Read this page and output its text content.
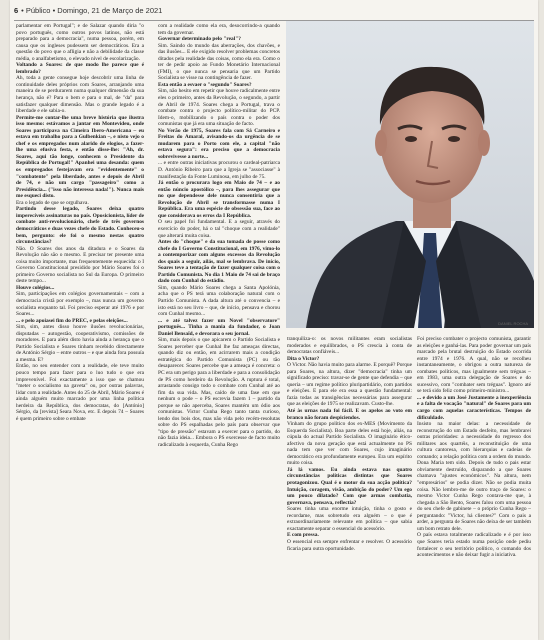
6 • Público • Domingo, 21 de Março de 2021

parlamentar em Portugal"; e de Salazar quando diria "o povo português, como outros povos latinos, não está preparado para a democracia", numa pessoa, porém, em causa que os ingleses pudessem ser democráticos. Era a questão do povo que o afligia e não a debilidade da classe média, o analfabetismo, o elevado nível de escolarização.

Voltando a Soares: de que modo lhe parece que é lembrado?

Ah, toda a gente consegue hoje descobrir uma linha de continuidade deles próprios com Soares, arranjando uma maneira de se perdurarem numa qualquer dimensão da sua herança, não é? Para o bem e para o mal, de "da" para satisfazer qualquer dimensão. Mas o grande legado é a liberdade e ele sabia-o.

Permite-me contar-lhe uma breve história que ilustra isso mesmo: estávamos a jantar em Montevideu, onde Soares participava na Cimeira Ibero-Americana – eu estava em trabalho para a Gulbenkian –, e nisto vejo o chef e os empregados num alarido de elogios, a fazer-lhe uma efusiva festa, e então disse-lhe: "Ah, dr. Soares, aqui tão longe, conhecem o Presidente da República de Portugal!" Apanhei uma desanda: quem os empregados festejavam era "evidentemente" o "combatente" pela liberdade, antes e depois de Abril de 74, e não um cargo "passageiro" como a Presidência... ("isso não interessa nada!"). Nunca mais me esqueci disto.

Era o legado de que se orgulhava.

Partindo desse legado, Soares deixa quatro imperecíveis assinaturas no país. Oposicionista, líder de combate anti-revolucionário, chefe de três governos democráticos e duas vezes chefe do Estado. Conheceu-o bem, pergunto: ele foi o mesmo nestas quatro circunstâncias?

Não. O Soares dos anos da ditadura e o Soares da Revolução não são o mesmo. E precisar ter presente uma coisa muito importante, mas frequentemente esquecida: o I Governo Constitucional presidido por Mário Soares foi o primeiro Governo socialista no Sul da Europa. O primeiro deste tempo...

Houve colégios...

Sim, participações em colégios governamentais – com a democracia cristã por exemplo –, mas nunca um governo socialista enquanto tal. Foi preciso esperar até 1976 e por Soares...

... e pelo apoiasei fim do PREC, e pelas eleições...

Sim, sim, antes disso houve ilusões revolucionárias, disputadas – autogestão, cooperativismo, comissões de moradores. E para além disto havia ainda a herança que o Partido Socialista e Soares tinham recebido directamente de António Sérgio – entre outros – e que ainda fora possuía a mesma. E?

Então, no seu entender com a realidade, ele teve muito pouco tempo para fazer para o luo tudo o que era imprevenível. Foi exactamente a isso que se chamou "meter o socialismo na gaveta" ou, por outras palavras, lidar com a realidade. Antes do 25 de Abril, Mário Soares é ainda alguém muito marcado por uma linha política herdeira da República, dos democratas, do [António] Sérgio, da [revista] Seara Nova, etc. E depois 74 – Soares é quem primeiro sobre o embate

com a realidade como ela era, desocorrindo-a quando tem da governar.

Governar determinado pelo "real"?

Sim. Saindo do mundo das aberrações, dos chavões, e das ilusões... E ele exigido resolver problemas concretos ditados pela realidade das coisas, como ela era. Como o ter de pedir apoio ao Fundo Monetário Internacional (FMI), o que nunca se pensaria que um Partido Socialista se visse na contingência de fazer.

Esta então a esvaer o "segundo" Soares?

Sim, não hesito em repetir que houve radicalmente entre eles o primeiro, antes da Revolução, o segundo, a partir de Abril de 1974. Soares chega a Portugal, trava o combate contra o projecto político-militar do PCP. Idem-o, mobilizando o país contra o poder dos comunistas que já era uma situação de facto.

No Verão de 1975, Soares fala com Sá Carneiro e Freitas do Amaral, avisando-os da urgência de se mudarem para o Porto com ele, a capital "não estava segura": era preciso que a democracia sobrevivesse a norte...

... e entre outras iniciativas procurou o cardeal-patriarca D. António Ribeiro para que a Igreja se "associasse" à manifestação da Fonte Luminosa, em julho de 75.

Já então o procurara logo em Maio de 74 – e ao então núncio apostólico –, para lhes assegurar que no que dependesse dele nunca consentiria que a Revolução de Abril se transformasse numa I República. Era uma espécie de obsessão sua, face ao que considerava os erros da I República.

O seu papel foi fundamental. E a seguir, através do exercício do poder, há o tal "choque com a realidade" que alterará muita coisa.

Antes do "choque" e da sua tomada de posse como chefe do I Governo Constitucional, em 1976, vimo-lo a contemporizar com alguns excessos da Revolução dos quais a seguir, ailás, mal se lembrava. De início, Soares teve a tentação de fazer qualquer coisa com o Partido Comunista. No dia 1 Maio de 74 sai de braço dado com Cunhal do estádio.

Sim, quando Mário Soares chega a Santa Apolónia, acha que o PS terá uma colaboração natural com o Partido Comunista. A dada altura até o convencia – e isto está no seu livro – que, de início, pensava e chorou com Cunhal mesmo...

... e até talvez fazer um Novel "observatore" português... Tinha a mania da fundador, o Joan Daniel Bensaïd, e devorara o seu jornal.

Sim, mais depois o que apicarem o Partido Socialista e Soares perceber que Cunhal lhe faz ameaças directas, quando diz ou então, em acirrarem mais a condição estratégica do Partido Comunista (PC) ou tão desaparecer. Soares percebe que a ameaça é concreta: o PC era um perigo para a liberdade e para a consolidação de PS como herdeiro da Revolução. A ruptura é total, arrastando consigo todo o combate com Cunhal até ao fim da sua vida. Mas, caído de uma fase em que nenhum o pode – o PS escrevia fazem 1 – partido da porque se não aperceba, Soares mantém um ódio aos comunistas. Victor Cunha Rego tanto tanta curioso, lendo dos bois dos, mas não vida pelo recém-resolutas sobre do PS espalhadas pelo país para observar que "tipo de pressão" estavam a exercer para o partido, do não fazia ideia... Embora o PS exercesse de facto muito radicalizado à esquerda, Cunha Rego

DANIEL ROCHA

tranquiliza-o: os novos militantes eram socialistas moderados e equilibrados, o PS crescia à conta de democratas confiáveis...

Dita o Victor?

O Victor. Não havia muito para alarme. E porquê? Porque para Soares, na altura, dizer "democracia" tinha um significado preciso: travar-se de gente que defendia – que queria – um regime político pluripartidário, com partidos e eleições. E para ele era essa a questão fundamental: fazia todas as transigências necessárias para assegurar que as eleições de 1975 se realizavam. Custo-lhe.

Até às urnas nada foi fácil. E os apelos ao voto em branco não foram despiciendos.

Vinham do grupo político dos ex-MES (Movimento da Esquerda Socialista). Boa parte deles está hoje, aliás, na cúpula do actual Partido Socialista. O imaginário ético-afectivo da nova geração que está actualmente no PS nada tem que ver com Soares, cujo imaginário democrático era profundamente europeu. Era um espírito muito coisa.

Já lá vamos. Eu ainda estava nas quatro circunstâncias políticas distintas que Soares protagonizou. Qual é o motor da sua acção política? Intuição, coragem, visão, ambição do poder? Um ego um pouco dilatado? Com que armas combatia, governava, pensava, reflectia?

Soares tinha uma enorme intuição, tinha o gosto e recordame, mas sobretudo era alguém – o que é extraordinariamente relevante em política – que sabia exactamente separar o essencial do acessório.

E com pressa.

O essencial era sempre enfrentar e resolver. O acessório ficaria para outra oportunidade.

Foi preciso combater o projecto comunista, garantir as eleições e ganhá-las. Para poder governar um país marcado pela brutal destruição do Estado ocorrida entre 1974 e 1976. A qual, não se recolheu instantaneamente, o obrigou a outra natureza de combates políticos, mas igualmente sem tréguas – em 1983, uma outra delegação de Soares e do sucessivo, com "combater sem tréguas". Ignoro até se terá sido feliz como primeiro-ministro...

... e devido a um José Justamente a inexperiência e a falta de vocação "natural" de Soares para um cargo com aquelas características. Tempos de dificuldade.

Insisto na maior delas: a necessidade de reconstrução do um Estado desfeito, mas lembrarei outras prioridades: a necessidade do regresso dos militares aos quartéis, a reconstituição de uma cultura cantoresa, com hierarquias e cadeias de comando; a relação política com a ordem do mundo. Dona Maria tem sido. Depois de tudo o pais estar obviamente destruído, disparando a que Soares chamava "ajustes económicos". Na altura, nem "empresários" se podia dizer. Não se podia muita coisa. Não lembro-me de outro traço de Soares: o mesmo Victor Cunha Rego contava-me que, à chegada a São Bento, Soares falou com uma pessoa do seu chefe de gabinete – o próprio Cunha Rego – perguntando: "Victor, há clientes?" Com o pais a arder, a pergunta de Soares não deixa de ser também um bom retrato dele.

O país estava totalmente radicalizado e é por isso que Soares teria estado numa posição onde pediu fortalecer o seu território político, o comando dos acontecimentos e não deixar fugir a iniciativa.
